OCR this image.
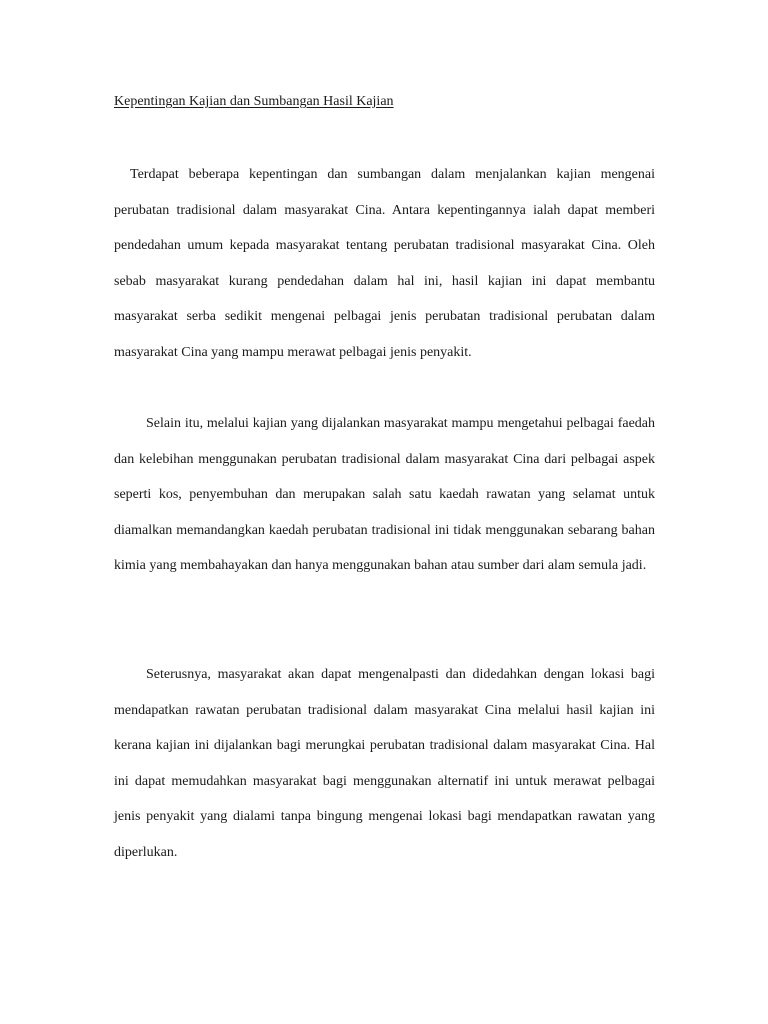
Kepentingan Kajian dan Sumbangan Hasil Kajian

Terdapat beberapa kepentingan dan sumbangan dalam menjalankan kajian mengenai perubatan tradisional dalam masyarakat Cina. Antara kepentingannya ialah dapat memberi pendedahan umum kepada masyarakat tentang perubatan tradisional masyarakat Cina. Oleh sebab masyarakat kurang pendedahan dalam hal ini, hasil kajian ini dapat membantu masyarakat serba sedikit mengenai pelbagai jenis perubatan tradisional perubatan dalam masyarakat Cina yang mampu merawat pelbagai jenis penyakit.

Selain itu, melalui kajian yang dijalankan masyarakat mampu mengetahui pelbagai faedah dan kelebihan menggunakan perubatan tradisional dalam masyarakat Cina dari pelbagai aspek seperti kos, penyembuhan dan merupakan salah satu kaedah rawatan yang selamat untuk diamalkan memandangkan kaedah perubatan tradisional ini tidak menggunakan sebarang bahan kimia yang membahayakan dan hanya menggunakan bahan atau sumber dari alam semula jadi.

Seterusnya, masyarakat akan dapat mengenalpasti dan didedahkan dengan lokasi bagi mendapatkan rawatan perubatan tradisional dalam masyarakat Cina melalui hasil kajian ini kerana kajian ini dijalankan bagi merungkai perubatan tradisional dalam masyarakat Cina. Hal ini dapat memudahkan masyarakat bagi menggunakan alternatif ini untuk merawat pelbagai jenis penyakit yang dialami tanpa bingung mengenai lokasi bagi mendapatkan rawatan yang diperlukan.
